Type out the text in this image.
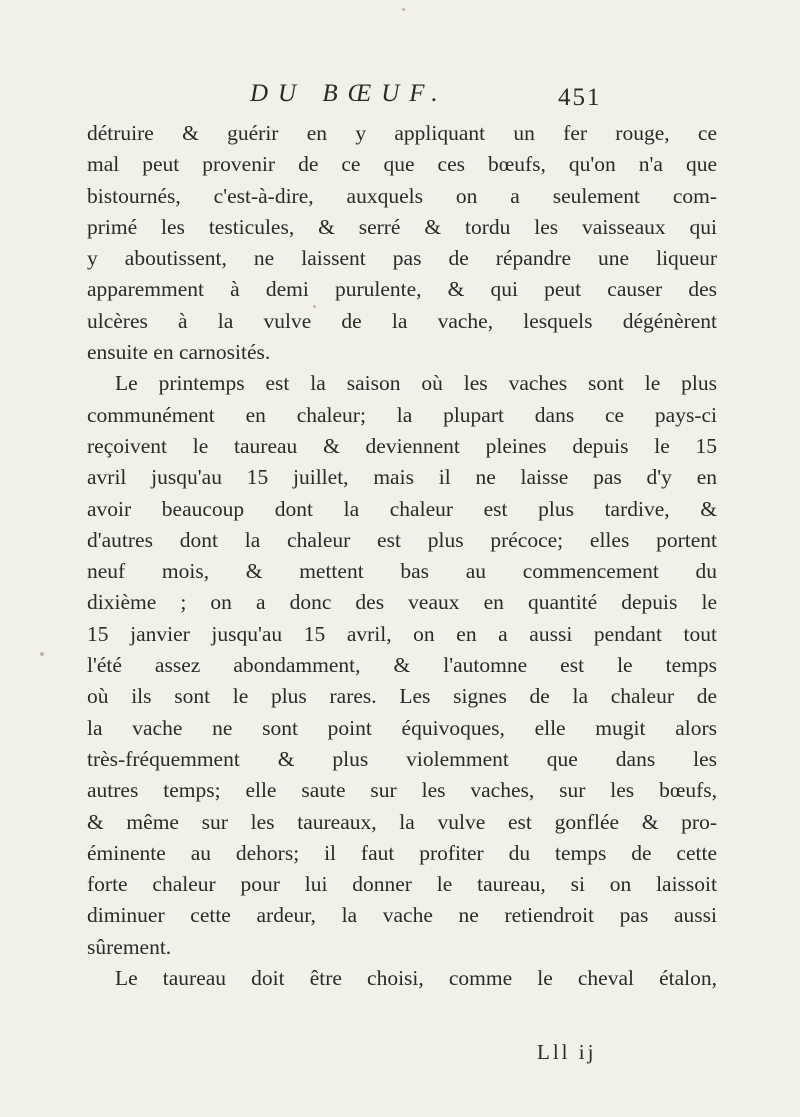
DU BŒUF.	451
détruire & guérir en y appliquant un fer rouge, ce
mal peut provenir de ce que ces bœufs, qu'on n'a que
bistournés, c'est-à-dire, auxquels on a seulement com-
primé les testicules, & serré & tordu les vaisseaux qui
y aboutissent, ne laissent pas de répandre une liqueur
apparemment à demi purulente, & qui peut causer des
ulcères à la vulve de la vache, lesquels dégénèrent
ensuite en carnosités.
Le printemps est la saison où les vaches sont le plus
communément en chaleur; la plupart dans ce pays-ci
reçoivent le taureau & deviennent pleines depuis le 15
avril jusqu'au 15 juillet, mais il ne laisse pas d'y en
avoir beaucoup dont la chaleur est plus tardive, &
d'autres dont la chaleur est plus précoce; elles portent
neuf mois, & mettent bas au commencement du
dixième ; on a donc des veaux en quantité depuis le
15 janvier jusqu'au 15 avril, on en a aussi pendant tout
l'été assez abondamment, & l'automne est le temps
où ils sont le plus rares. Les signes de la chaleur de
la vache ne sont point équivoques, elle mugit alors
très-fréquemment & plus violemment que dans les
autres temps; elle saute sur les vaches, sur les bœufs,
& même sur les taureaux, la vulve est gonflée & pro-
éminente au dehors; il faut profiter du temps de cette
forte chaleur pour lui donner le taureau, si on laissoit
diminuer cette ardeur, la vache ne retiendroit pas aussi
sûrement.
Le taureau doit être choisi, comme le cheval étalon,
Lll ij
